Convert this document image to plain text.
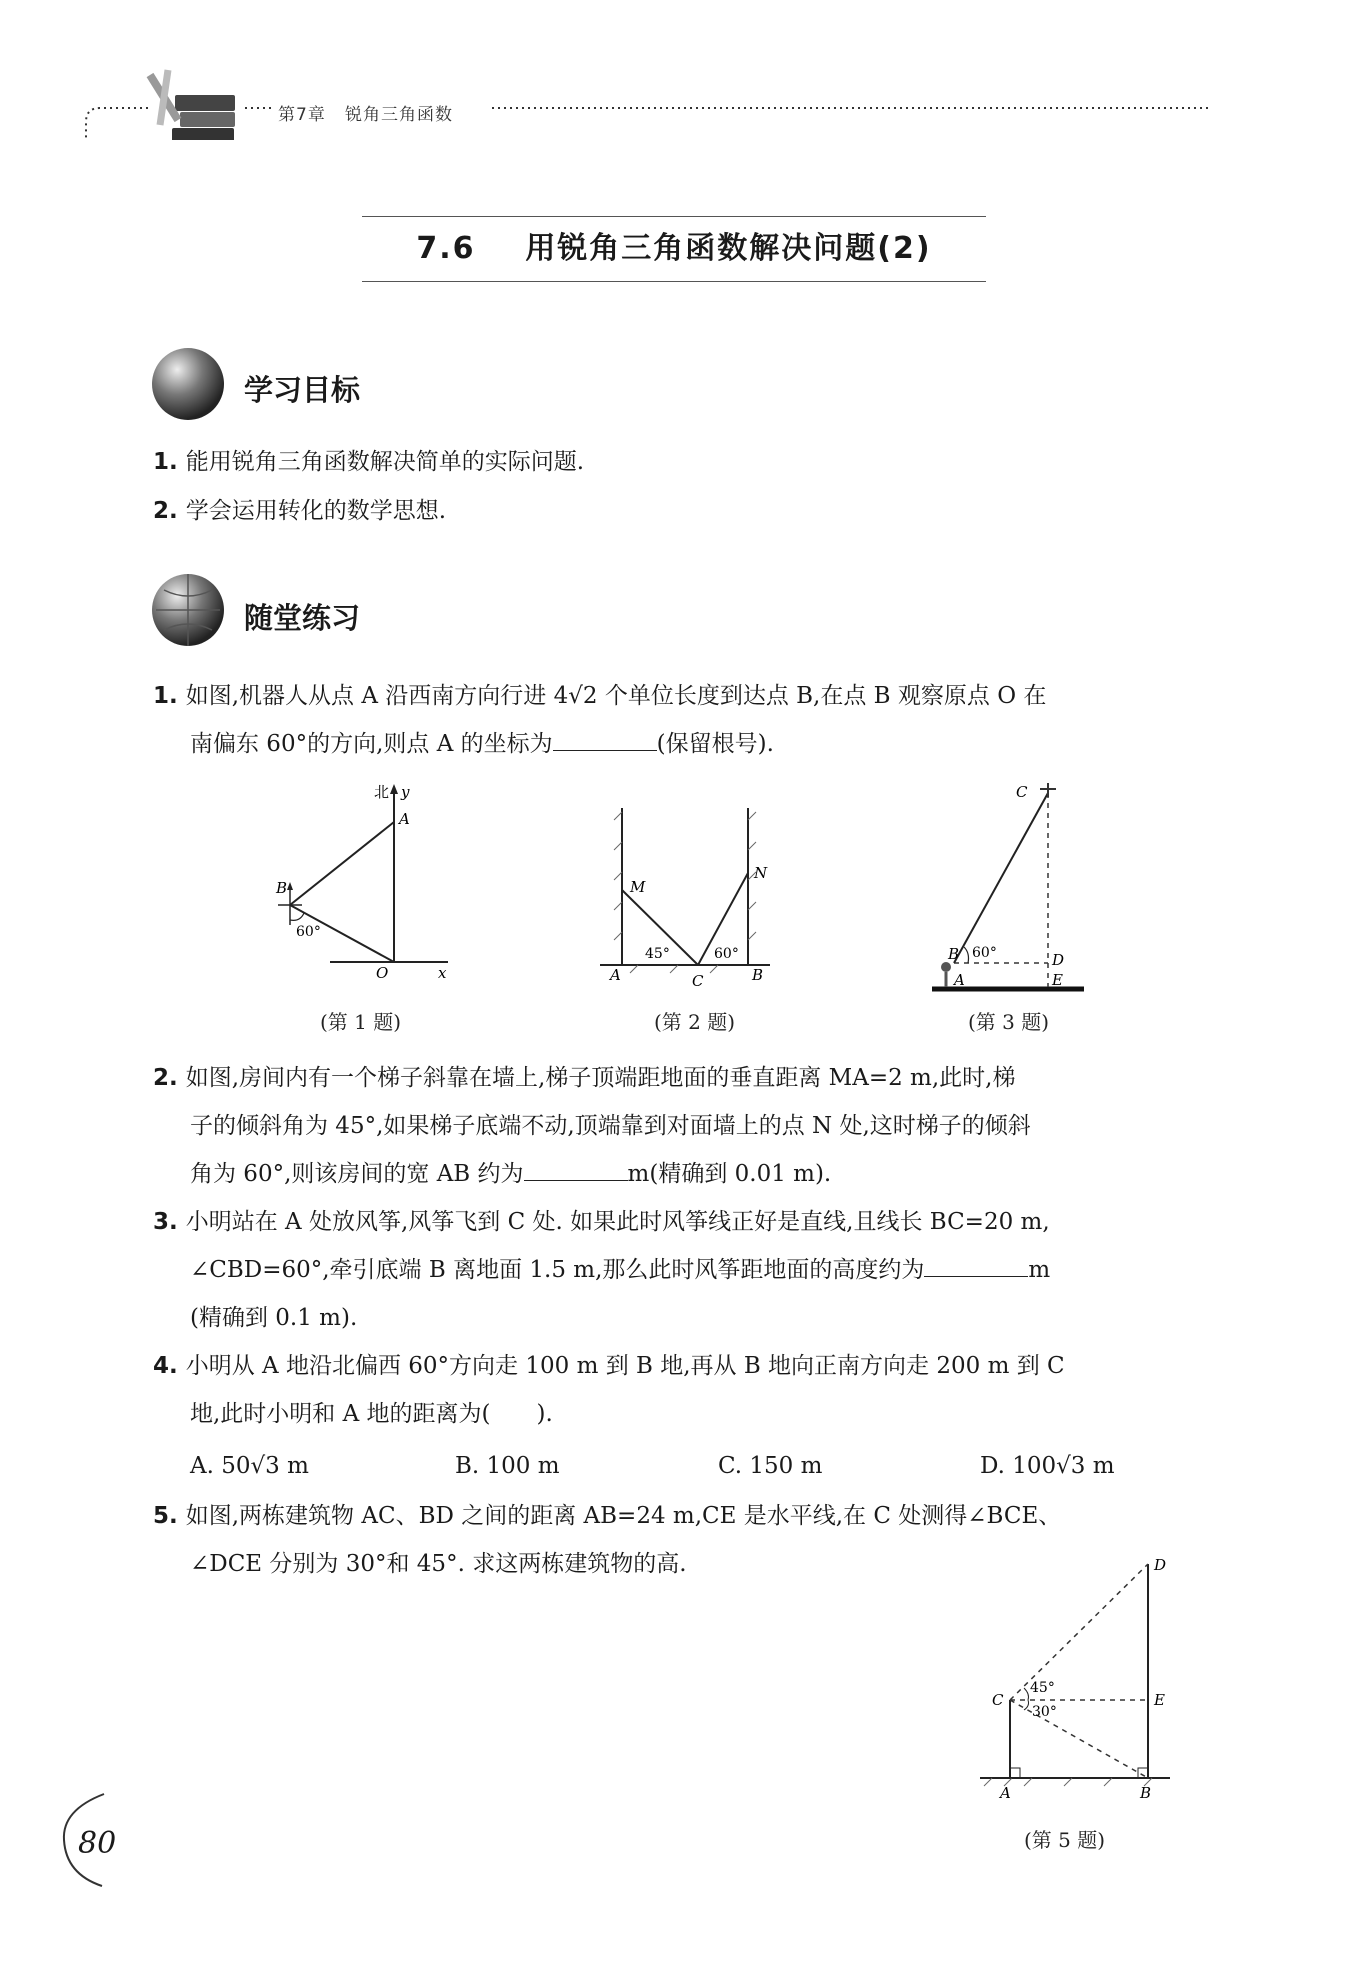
第7章 锐角三角函数
7.6 用锐角三角函数解决问题(2)
学习目标
1. 能用锐角三角函数解决简单的实际问题.
2. 学会运用转化的数学思想.
随堂练习
1. 如图,机器人从点 A 沿西南方向行进 4√2 个单位长度到达点 B,在点 B 观察原点 O 在
南偏东 60°的方向,则点 A 的坐标为	(保留根号).
北 y
A
B
60°
O	x
(第 1 题)
M
N
45°	60°
A	C	B
(第 2 题)
C
B 60°
A
D
E
(第 3 题)
2. 如图,房间内有一个梯子斜靠在墙上,梯子顶端距地面的垂直距离 MA=2 m,此时,梯
子的倾斜角为 45°,如果梯子底端不动,顶端靠到对面墙上的点 N 处,这时梯子的倾斜
角为 60°,则该房间的宽 AB 约为	m(精确到 0.01 m).
3. 小明站在 A 处放风筝,风筝飞到 C 处. 如果此时风筝线正好是直线,且线长 BC=20 m,
∠CBD=60°,牵引底端 B 离地面 1.5 m,那么此时风筝距地面的高度约为	m
(精确到 0.1 m).
4. 小明从 A 地沿北偏西 60°方向走 100 m 到 B 地,再从 B 地向正南方向走 200 m 到 C
地,此时小明和 A 地的距离为(　　).
A. 50√3 m	B. 100 m	C. 150 m	D. 100√3 m
5. 如图,两栋建筑物 AC、BD 之间的距离 AB=24 m,CE 是水平线,在 C 处测得∠BCE、
∠DCE 分别为 30°和 45°. 求这两栋建筑物的高.	D
C
45°
30°
E
A	B
(第 5 题)
80
